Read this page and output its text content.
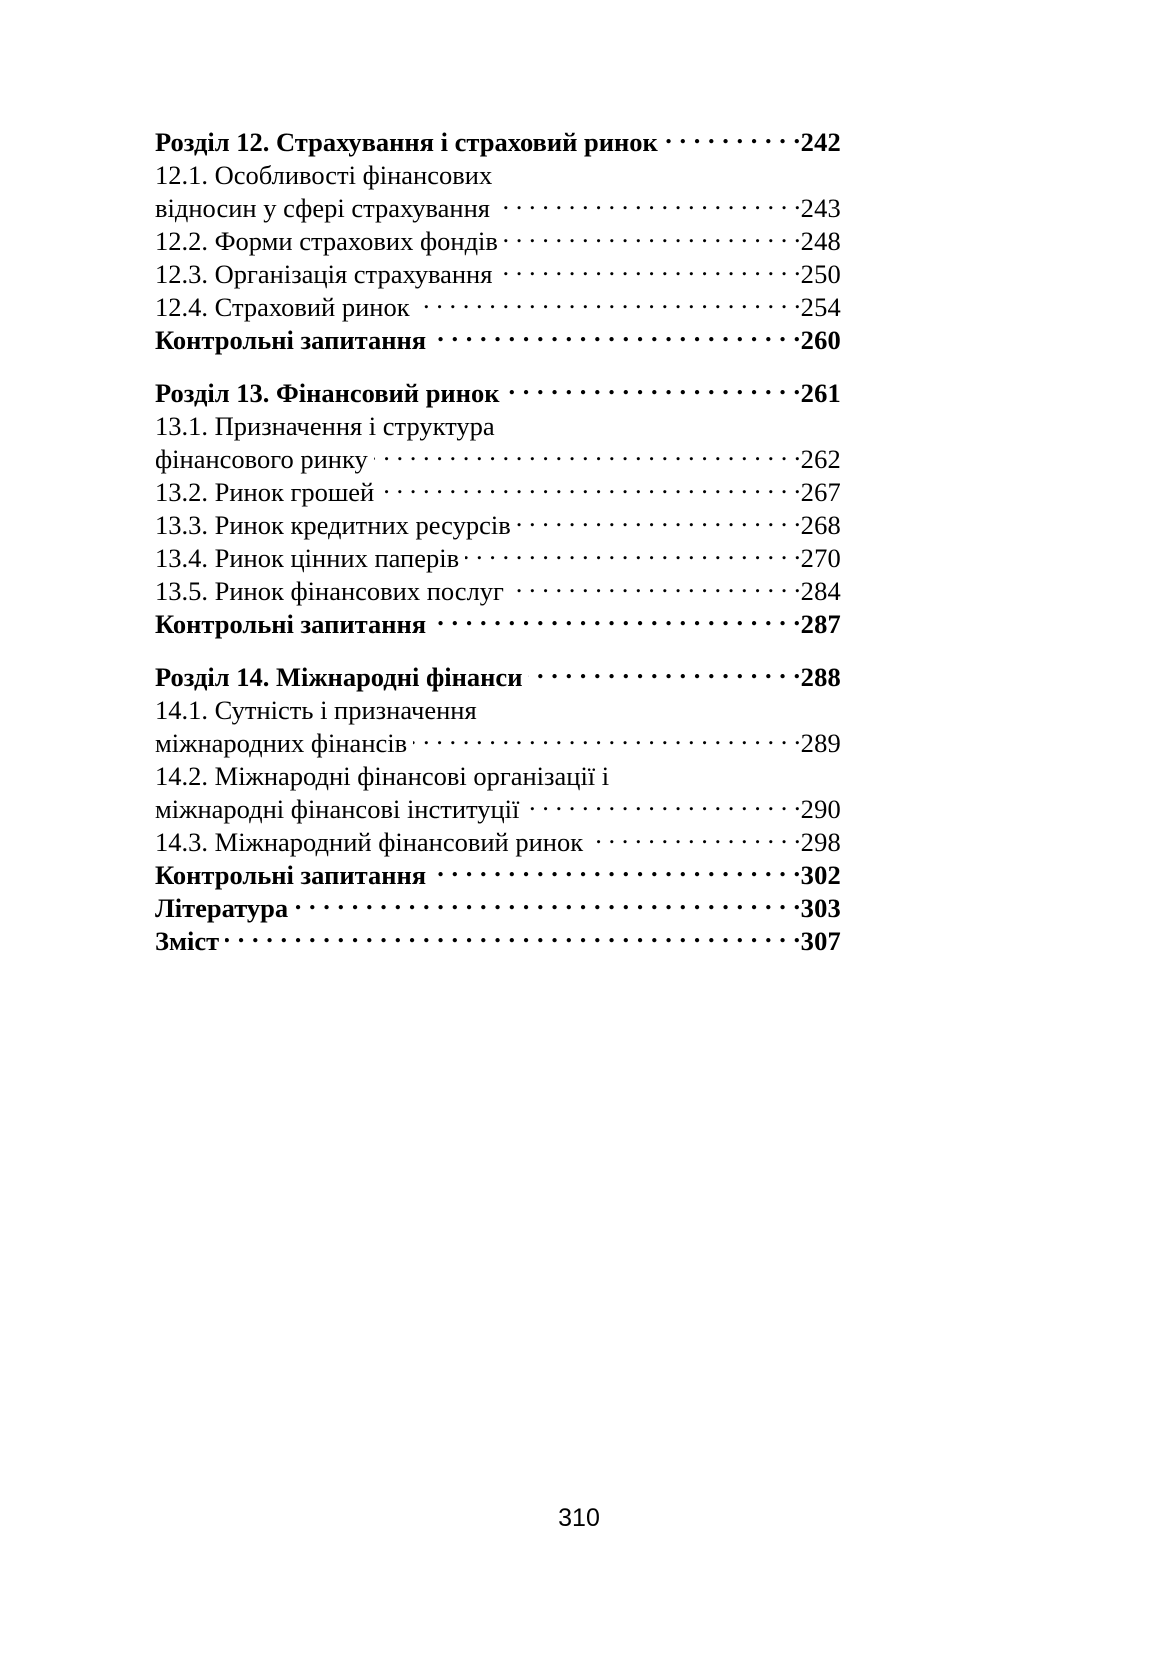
Розділ 12. Страхування і страховий ринок . . .	242
12.1. Особливості фінансових
відносин у сфері страхування . . .	243
12.2. Форми страхових фондів . . .	248
12.3. Організація страхування . . .	250
12.4. Страховий ринок . . .	254
Контрольні запитання . . .	260
Розділ 13. Фінансовий ринок . . .	261
13.1. Призначення і структура
фінансового ринку . . .	262
13.2. Ринок грошей . . .	267
13.3. Ринок кредитних ресурсів . . .	268
13.4. Ринок цінних паперів . . .	270
13.5. Ринок фінансових послуг . . .	284
Контрольні запитання . . .	287
Розділ 14. Міжнародні фінанси . . .	288
14.1. Сутність і призначення
міжнародних фінансів . . .	289
14.2. Міжнародні фінансові організації і
міжнародні фінансові інституції . . .	290
14.3. Міжнародний фінансовий ринок . . .	298
Контрольні запитання . . .	302
Література . . .	303
Зміст . . .	307
310
